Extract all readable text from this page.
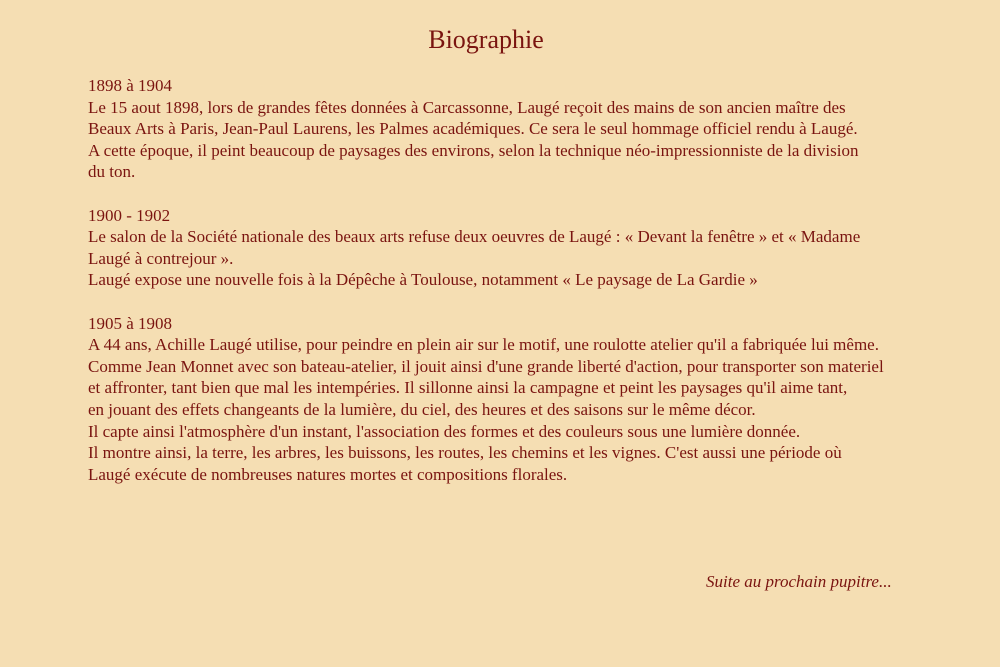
Biographie
1898 à 1904
Le 15 aout 1898, lors de grandes fêtes données à Carcassonne, Laugé reçoit des mains de son ancien maître des
Beaux Arts à Paris, Jean-Paul Laurens, les Palmes académiques. Ce sera le seul hommage officiel rendu à Laugé.
A cette époque, il peint beaucoup de paysages des environs, selon la technique néo-impressionniste de la division
du ton.
1900 - 1902
Le salon de la Société nationale des beaux arts refuse deux oeuvres de Laugé : « Devant la fenêtre » et « Madame
Laugé à contrejour ».
Laugé expose une nouvelle fois à la Dépêche à Toulouse, notamment « Le paysage de La Gardie »
1905 à 1908
A 44 ans, Achille Laugé utilise, pour peindre en plein air sur le motif, une roulotte atelier qu'il a fabriquée lui même.
Comme Jean Monnet avec son bateau-atelier, il jouit ainsi d'une grande liberté d'action, pour transporter son materiel
et affronter, tant bien que mal les intempéries. Il sillonne ainsi la campagne et peint les paysages qu'il aime tant,
en jouant des effets changeants de la lumière, du ciel, des heures et des saisons sur le même décor.
Il capte ainsi l'atmosphère d'un instant, l'association des formes et des couleurs sous une lumière donnée.
Il montre ainsi, la terre, les arbres, les buissons, les routes, les chemins et les vignes. C'est aussi une période où
Laugé exécute de nombreuses natures mortes et compositions florales.
Suite au prochain pupitre...
